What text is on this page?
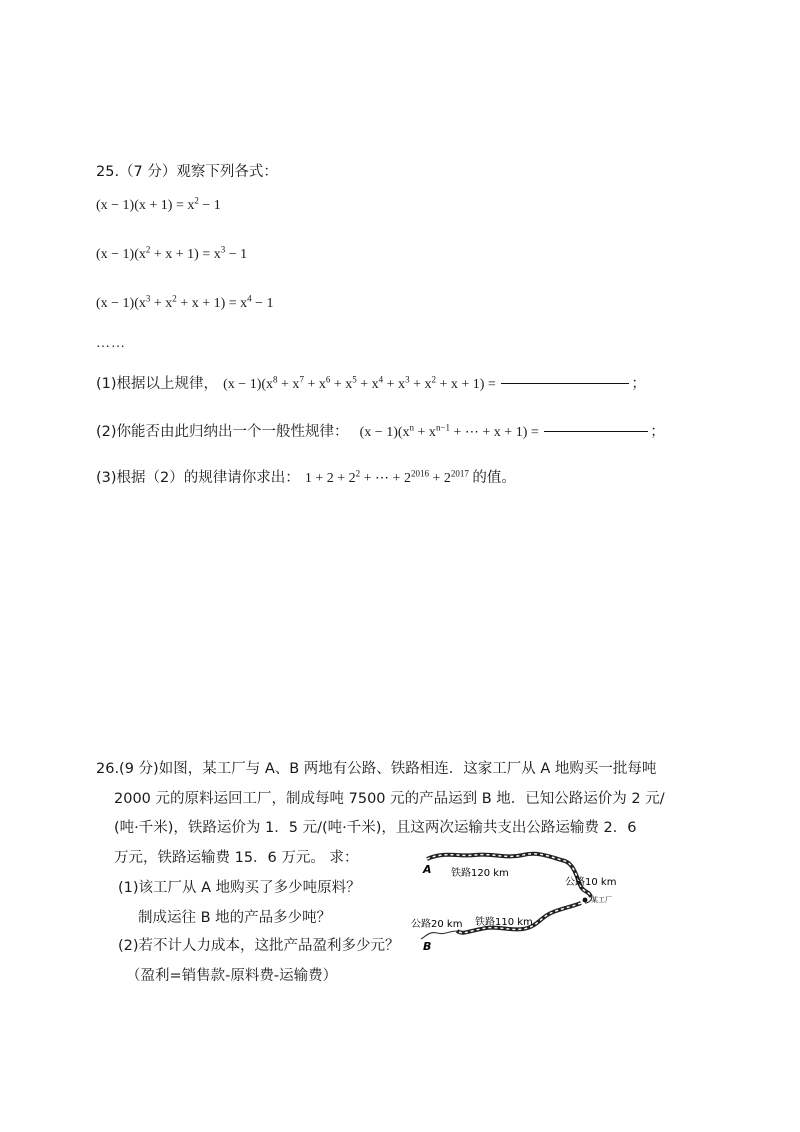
25.（7 分）观察下列各式：
$(x - 1)(x + 1) = x^2 - 1$
$(x - 1)(x^2 + x + 1) = x^3 - 1$
$(x - 1)(x^3 + x^2 + x + 1) = x^4 - 1$
……
(1)根据以上规律， $(x - 1)(x^8 + x^7 + x^6 + x^5 + x^4 + x^3 + x^2 + x + 1)$ =	；
(2)你能否由此归纳出一个一般性规律： $(x - 1)(x^n + x^{n-1}$ + ⋯ + x + 1) =	；
(3)根据（2）的规律请你求出： $1 + 2 + 2^2$ + ⋯ + $2^{2016} + 2^{2017}$ 的值。
26.(9 分)如图，某工厂与 A、B 两地有公路、铁路相连．这家工厂从 A 地购买一批每吨
2000 元的原料运回工厂，制成每吨 7500 元的产品运到 B 地．已知公路运价为 2 元/
(吨·千米)，铁路运价为 1．5 元/(吨·千米)，且这两次运输共支出公路运输费 2．6
万元，铁路运输费 15．6 万元。 求：
(1)该工厂从 A 地购买了多少吨原料？
制成运往 B 地的产品多少吨？
(2)若不计人力成本，这批产品盈利多少元？
（盈利=销售款-原料费-运输费）
A 铁路120 km
公路10 km
某工厂
公路20 km 铁路110 km
B
